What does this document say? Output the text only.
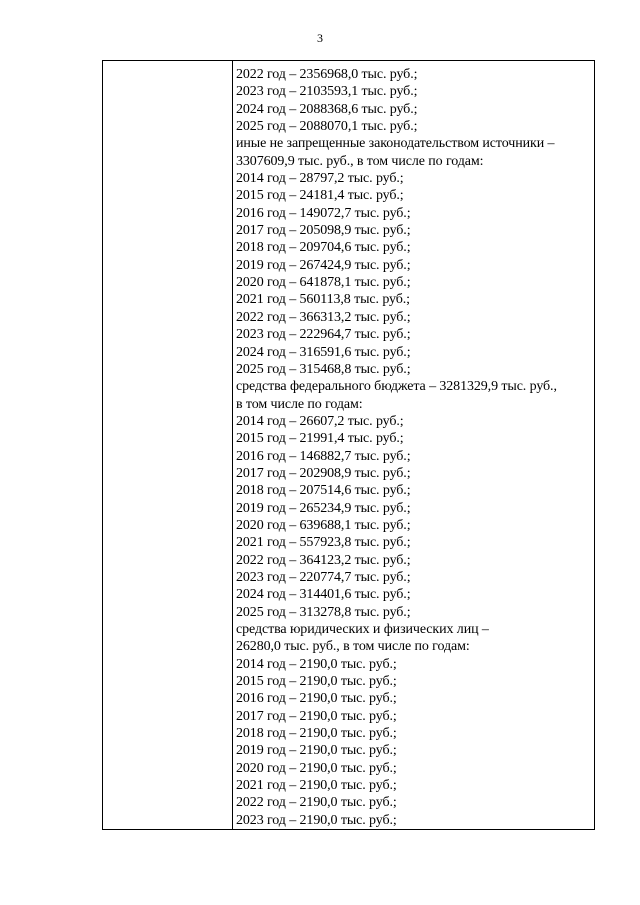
3
2022 год – 2356968,0 тыс. руб.;
2023 год – 2103593,1 тыс. руб.;
2024 год – 2088368,6 тыс. руб.;
2025 год – 2088070,1 тыс. руб.;
иные не запрещенные законодательством источники –
3307609,9 тыс. руб., в том числе по годам:
2014 год – 28797,2 тыс. руб.;
2015 год – 24181,4 тыс. руб.;
2016 год – 149072,7 тыс. руб.;
2017 год – 205098,9 тыс. руб.;
2018 год – 209704,6 тыс. руб.;
2019 год – 267424,9 тыс. руб.;
2020 год – 641878,1 тыс. руб.;
2021 год – 560113,8 тыс. руб.;
2022 год – 366313,2 тыс. руб.;
2023 год – 222964,7 тыс. руб.;
2024 год – 316591,6 тыс. руб.;
2025 год – 315468,8 тыс. руб.;
средства федерального бюджета – 3281329,9 тыс. руб.,
в том числе по годам:
2014 год – 26607,2 тыс. руб.;
2015 год – 21991,4 тыс. руб.;
2016 год – 146882,7 тыс. руб.;
2017 год – 202908,9 тыс. руб.;
2018 год – 207514,6 тыс. руб.;
2019 год – 265234,9 тыс. руб.;
2020 год – 639688,1 тыс. руб.;
2021 год – 557923,8 тыс. руб.;
2022 год – 364123,2 тыс. руб.;
2023 год – 220774,7 тыс. руб.;
2024 год – 314401,6 тыс. руб.;
2025 год – 313278,8 тыс. руб.;
средства юридических и физических лиц –
26280,0 тыс. руб., в том числе по годам:
2014 год – 2190,0 тыс. руб.;
2015 год – 2190,0 тыс. руб.;
2016 год – 2190,0 тыс. руб.;
2017 год – 2190,0 тыс. руб.;
2018 год – 2190,0 тыс. руб.;
2019 год – 2190,0 тыс. руб.;
2020 год – 2190,0 тыс. руб.;
2021 год – 2190,0 тыс. руб.;
2022 год – 2190,0 тыс. руб.;
2023 год – 2190,0 тыс. руб.;
